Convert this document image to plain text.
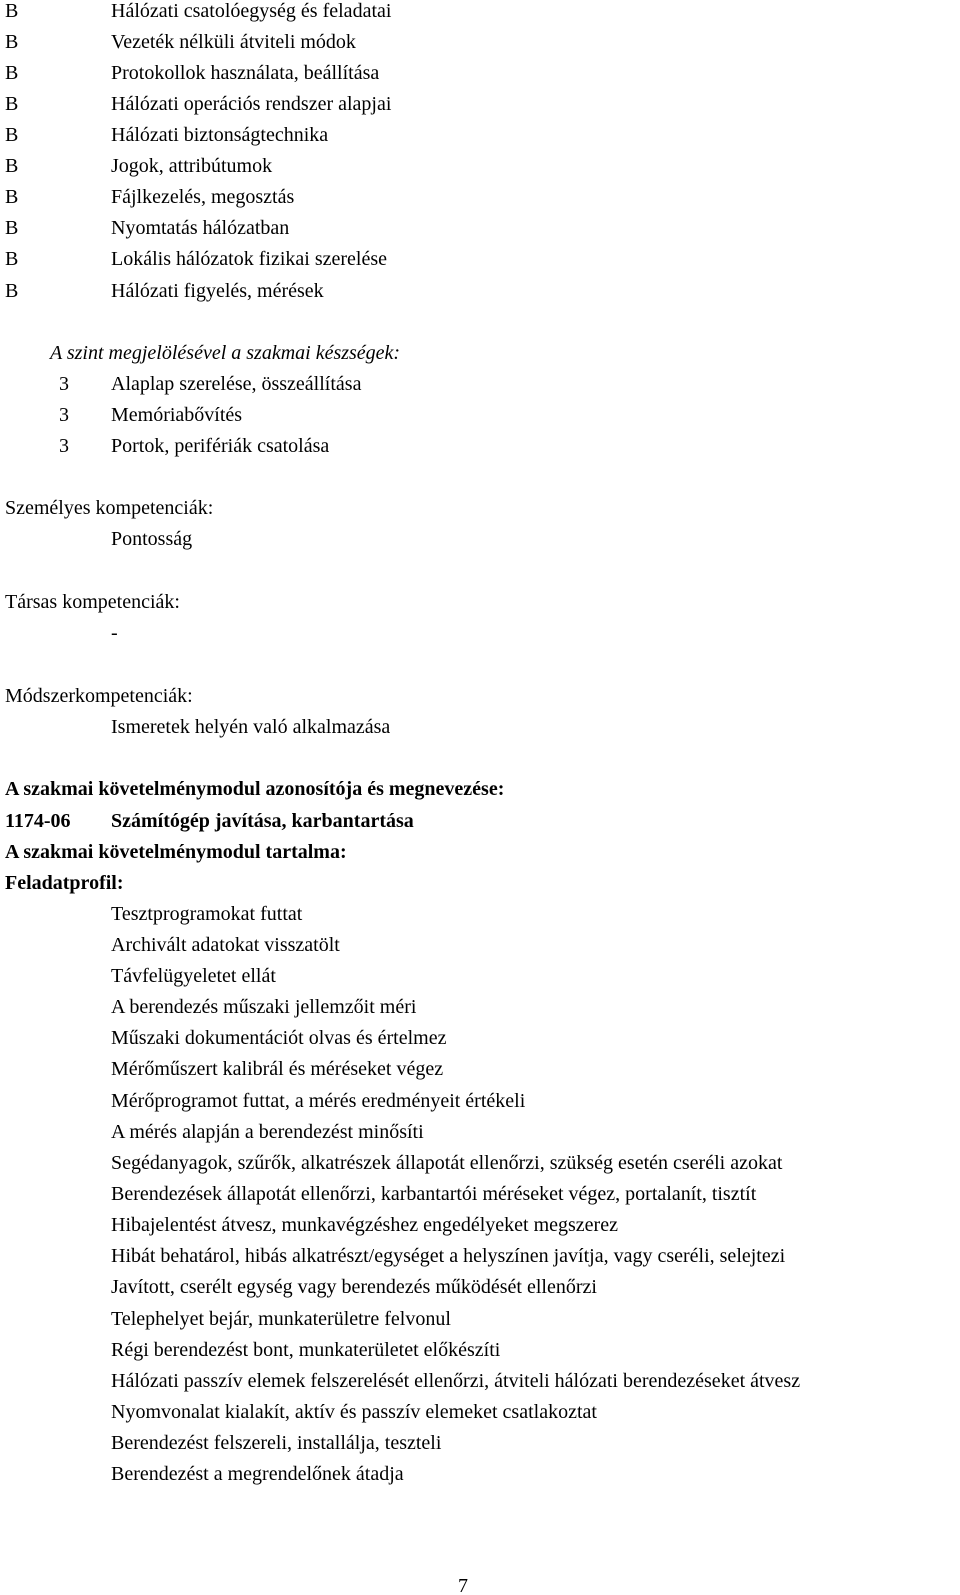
B	Hálózati csatolóegység és feladatai
B	Vezeték nélküli átviteli módok
B	Protokollok használata, beállítása
B	Hálózati operációs rendszer alapjai
B	Hálózati biztonságtechnika
B	Jogok, attribútumok
B	Fájlkezelés, megosztás
B	Nyomtatás hálózatban
B	Lokális hálózatok fizikai szerelése
B	Hálózati figyelés, mérések
A szint megjelölésével a szakmai készségek:
3	Alaplap szerelése, összeállítása
3	Memóriabővítés
3	Portok, perifériák csatolása
Személyes kompetenciák:
Pontosság
Társas kompetenciák:
-
Módszerkompetenciák:
Ismeretek helyén való alkalmazása
A szakmai követelménymodul azonosítója és megnevezése:
1174-06 Számítógép javítása, karbantartása
A szakmai követelménymodul tartalma:
Feladatprofil:
Tesztprogramokat futtat
Archivált adatokat visszatölt
Távfelügyeletet ellát
A berendezés műszaki jellemzőit méri
Műszaki dokumentációt olvas és értelmez
Mérőműszert kalibrál és méréseket végez
Mérőprogramot futtat, a mérés eredményeit értékeli
A mérés alapján a berendezést minősíti
Segédanyagok, szűrők, alkatrészek állapotát ellenőrzi, szükség esetén cseréli azokat
Berendezések állapotát ellenőrzi, karbantartói méréseket végez, portalanít, tisztít
Hibajelentést átvesz, munkavégzéshez engedélyeket megszerez
Hibát behatárol, hibás alkatrészt/egységet a helyszínen javítja, vagy cseréli, selejtezi
Javított, cserélt egység vagy berendezés működését ellenőrzi
Telephelyet bejár, munkaterületre felvonul
Régi berendezést bont, munkaterületet előkészíti
Hálózati passzív elemek felszerelését ellenőrzi, átviteli hálózati berendezéseket átvesz
Nyomvonalat kialakít, aktív és passzív elemeket csatlakoztat
Berendezést felszereli, installálja, teszteli
Berendezést a megrendelőnek átadja
7
